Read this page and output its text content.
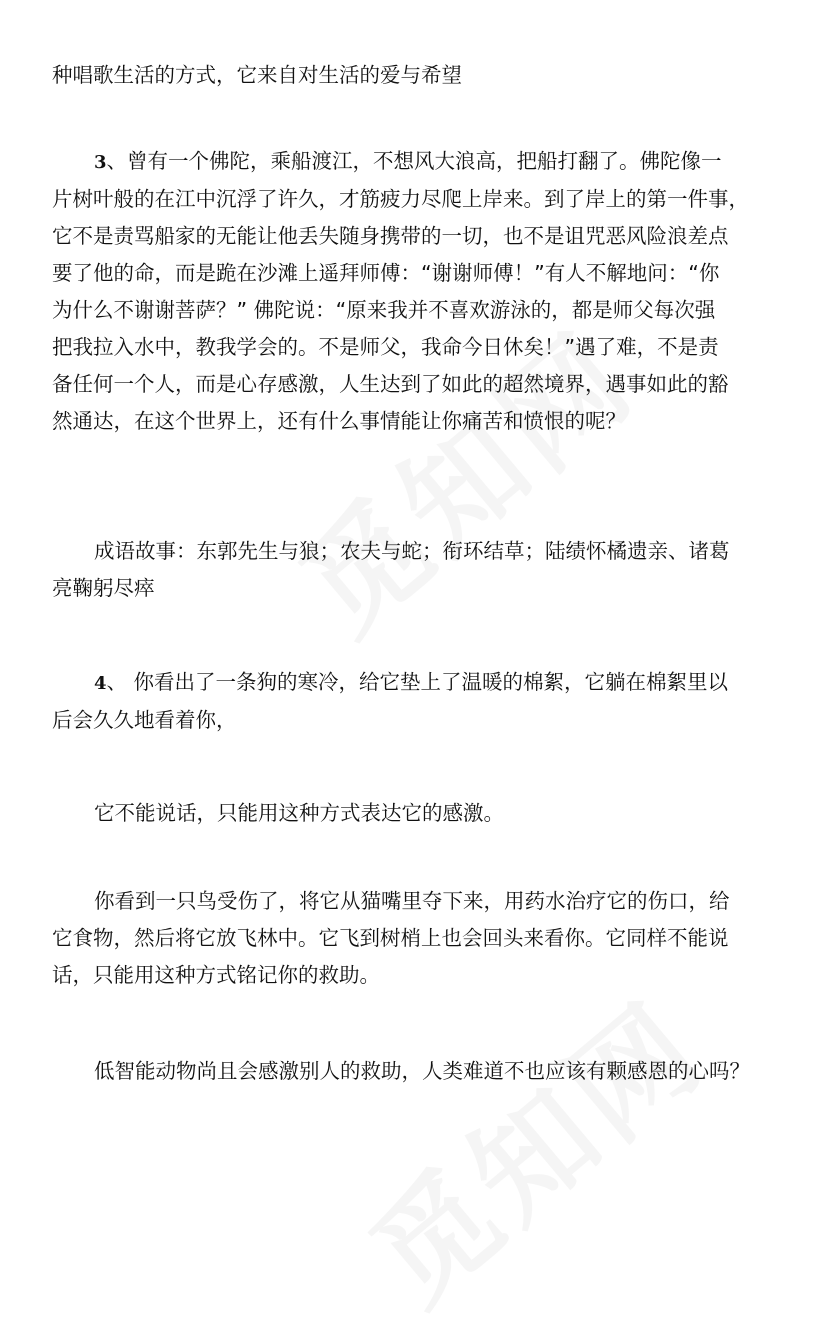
种唱歌生活的方式，它来自对生活的爱与希望
3、曾有一个佛陀，乘船渡江，不想风大浪高，把船打翻了。佛陀像一
片树叶般的在江中沉浮了许久，才筋疲力尽爬上岸来。到了岸上的第一件事，
它不是责骂船家的无能让他丢失随身携带的一切，也不是诅咒恶风险浪差点
要了他的命，而是跪在沙滩上遥拜师傅：“谢谢师傅！”有人不解地问：“你
为什么不谢谢菩萨？” 佛陀说：“原来我并不喜欢游泳的，都是师父每次强
把我拉入水中，教我学会的。不是师父，我命今日休矣！”遇了难，不是责
备任何一个人，而是心存感激，人生达到了如此的超然境界，遇事如此的豁
然通达，在这个世界上，还有什么事情能让你痛苦和愤恨的呢？
成语故事：东郭先生与狼；农夫与蛇；衔环结草；陆绩怀橘遗亲、诸葛
亮鞠躬尽瘁
4、 你看出了一条狗的寒冷，给它垫上了温暖的棉絮，它躺在棉絮里以
后会久久地看着你，
它不能说话，只能用这种方式表达它的感激。
你看到一只鸟受伤了，将它从猫嘴里夺下来，用药水治疗它的伤口，给
它食物，然后将它放飞林中。它飞到树梢上也会回头来看你。它同样不能说
话，只能用这种方式铭记你的救助。
低智能动物尚且会感激别人的救助，人类难道不也应该有颗感恩的心吗？
